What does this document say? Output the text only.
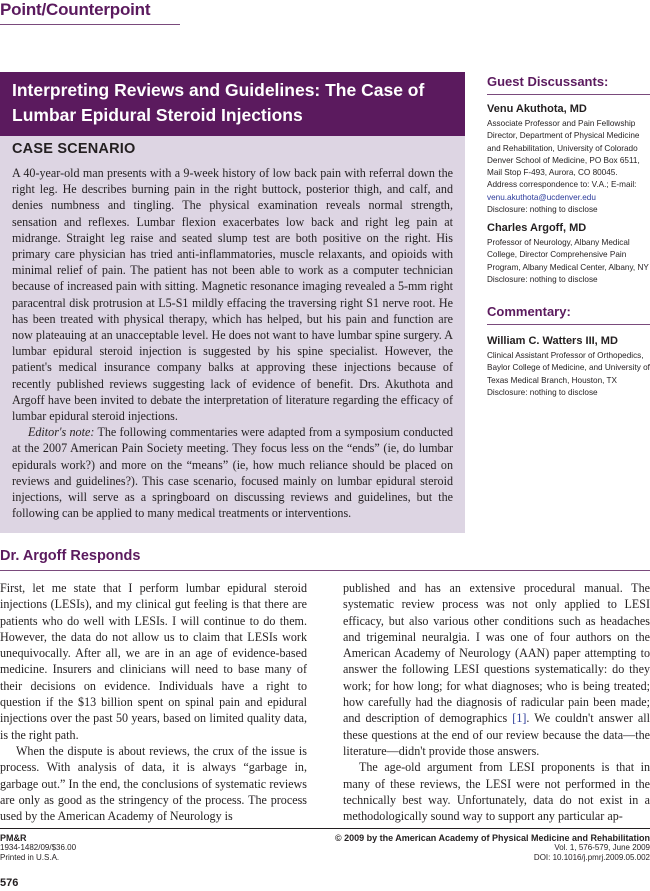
Point/Counterpoint
Interpreting Reviews and Guidelines: The Case of Lumbar Epidural Steroid Injections
CASE SCENARIO

A 40-year-old man presents with a 9-week history of low back pain with referral down the right leg. He describes burning pain in the right buttock, posterior thigh, and calf, and denies numbness and tingling. The physical examination reveals normal strength, sensation and reflexes. Lumbar flexion exacerbates low back and right leg pain at midrange. Straight leg raise and seated slump test are both positive on the right. His primary care physician has tried anti-inflammatories, muscle relaxants, and opioids with minimal relief of pain. The patient has not been able to work as a computer technician because of increased pain with sitting. Magnetic resonance imaging revealed a 5-mm right paracentral disk protrusion at L5-S1 mildly effacing the traversing right S1 nerve root. He has been treated with physical therapy, which has helped, but his pain and function are now plateauing at an unacceptable level. He does not want to have lumbar spine surgery. A lumbar epidural steroid injection is suggested by his spine specialist. However, the patient's medical insurance company balks at approving these injections because of recently published reviews suggesting lack of evidence of benefit. Drs. Akuthota and Argoff have been invited to debate the interpretation of literature regarding the efficacy of lumbar epidural steroid injections.

Editor's note: The following commentaries were adapted from a symposium conducted at the 2007 American Pain Society meeting. They focus less on the “ends” (ie, do lumbar epidurals work?) and more on the “means” (ie, how much reliance should be placed on reviews and guidelines?). This case scenario, focused mainly on lumbar epidural steroid injections, will serve as a springboard on discussing reviews and guidelines, but the following can be applied to many medical treatments or interventions.

Guest Discussants:
Venu Akuthota, MD
Associate Professor and Pain Fellowship
Director, Department of Physical Medicine
and Rehabilitation, University of Colorado
Denver School of Medicine, PO Box 6511,
Mail Stop F-493, Aurora, CO 80045.
Address correspondence to: V.A.; E-mail:
venu.akuthota@ucdenver.edu
Disclosure: nothing to disclose
Charles Argoff, MD
Professor of Neurology, Albany Medical
College, Director Comprehensive Pain
Program, Albany Medical Center, Albany, NY
Disclosure: nothing to disclose
Commentary:
William C. Watters III, MD
Clinical Assistant Professor of Orthopedics,
Baylor College of Medicine, and University of
Texas Medical Branch, Houston, TX
Disclosure: nothing to disclose
Dr. Argoff Responds

First, let me state that I perform lumbar epidural steroid injections (LESIs), and my clinical gut feeling is that there are patients who do well with LESIs. I will continue to do them. However, the data do not allow us to claim that LESIs work unequivocally. After all, we are in an age of evidence-based medicine. Insurers and clinicians will need to base many of their decisions on evidence. Individuals have a right to question if the $13 billion spent on spinal pain and epidural injections over the past 50 years, based on limited quality data, is the right path.

When the dispute is about reviews, the crux of the issue is process. With analysis of data, it is always “garbage in, garbage out.” In the end, the conclusions of systematic reviews are only as good as the stringency of the process. The process used by the American Academy of Neurology is

published and has an extensive procedural manual. The systematic review process was not only applied to LESI efficacy, but also various other conditions such as headaches and trigeminal neuralgia. I was one of four authors on the American Academy of Neurology (AAN) paper attempting to answer the following LESI questions systematically: do they work; for how long; for what diagnoses; who is being treated; how carefully had the diagnosis of radicular pain been made; and description of demographics [1]. We couldn't answer all these questions at the end of our review because the data—the literature—didn't provide those answers.

The age-old argument from LESI proponents is that in many of these reviews, the LESI were not performed in the technically best way. Unfortunately, data do not exist in a methodologically sound way to support any particular ap-

PM&R
1934-1482/09/$36.00
Printed in U.S.A.
© 2009 by the American Academy of Physical Medicine and Rehabilitation
Vol. 1, 576-579, June 2009
DOI: 10.1016/j.pmrj.2009.05.002
576
